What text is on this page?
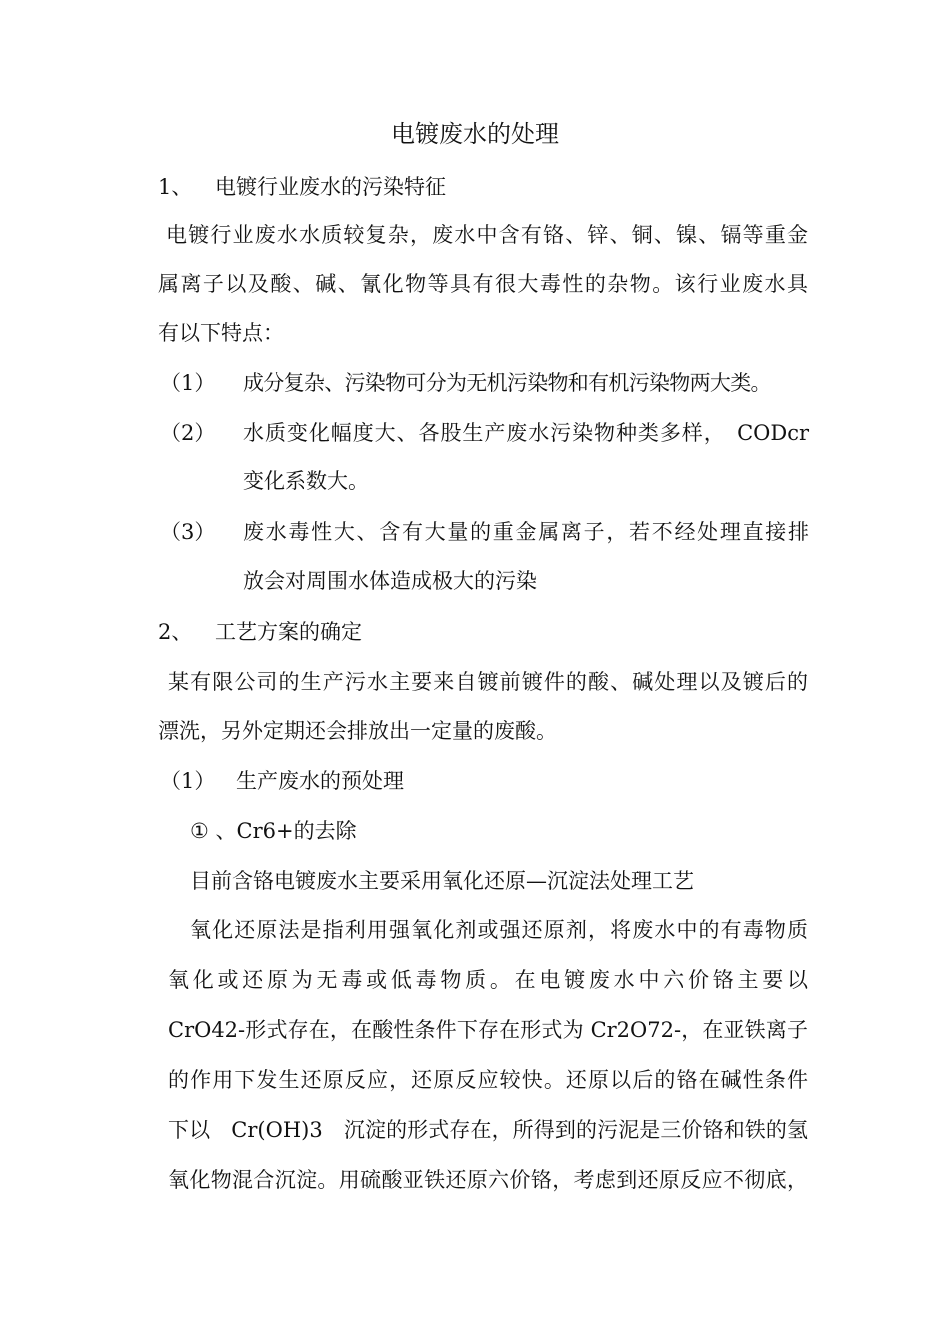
电镀废水的处理
1、 电镀行业废水的污染特征
电镀行业废水水质较复杂，废水中含有铬、锌、铜、镍、镉等重金
属离子以及酸、碱、氰化物等具有很大毒性的杂物。该行业废水具
有以下特点：
（1） 成分复杂、污染物可分为无机污染物和有机污染物两大类。
（2） 水质变化幅度大、各股生产废水污染物种类多样，　CODcr
变化系数大。
（3） 废水毒性大、含有大量的重金属离子，若不经处理直接排
放会对周围水体造成极大的污染
2、 工艺方案的确定
某有限公司的生产污水主要来自镀前镀件的酸、碱处理以及镀后的
漂洗，另外定期还会排放出一定量的废酸。
（1） 生产废水的预处理
① 、Cr6+的去除
目前含铬电镀废水主要采用氧化还原—沉淀法处理工艺
氧化还原法是指利用强氧化剂或强还原剂，将废水中的有毒物质
氧化或还原为无毒或低毒物质。在电镀废水中六价铬主要以
CrO42-形式存在，在酸性条件下存在形式为 Cr2O72-，在亚铁离子
的作用下发生还原反应，还原反应较快。还原以后的铬在碱性条件
下以　Cr(OH)3　沉淀的形式存在，所得到的污泥是三价铬和铁的氢
氧化物混合沉淀。用硫酸亚铁还原六价铬，考虑到还原反应不彻底，
